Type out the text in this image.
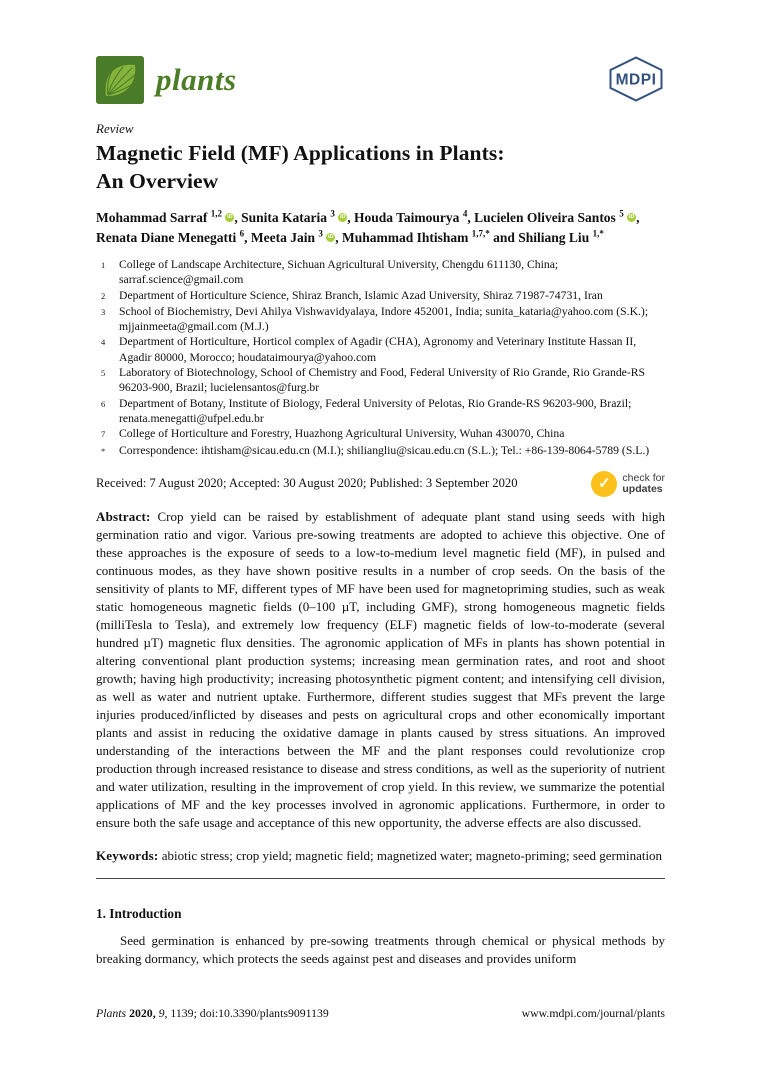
plants	MDPI
Review
Magnetic Field (MF) Applications in Plants:
An Overview
Mohammad Sarraf $^{1,2}$ iD , Sunita Kataria $^3$ iD , Houda Taimourya $^4$, Lucielen Oliveira Santos $^5$ iD , Renata Diane Menegatti $^6$, Meeta Jain $^3$ iD , Muhammad Ihtisham $^{1,7,*}$ and Shiliang Liu $^{1,*}$
1	College of Landscape Architecture, Sichuan Agricultural University, Chengdu 611130, China; sarraf.science@gmail.com
2	Department of Horticulture Science, Shiraz Branch, Islamic Azad University, Shiraz 71987-74731, Iran
3	School of Biochemistry, Devi Ahilya Vishwavidyalaya, Indore 452001, India; sunita_kataria@yahoo.com (S.K.); mjjainmeeta@gmail.com (M.J.)
4	Department of Horticulture, Horticol complex of Agadir (CHA), Agronomy and Veterinary Institute Hassan II, Agadir 80000, Morocco; houdataimourya@yahoo.com
5	Laboratory of Biotechnology, School of Chemistry and Food, Federal University of Rio Grande, Rio Grande-RS 96203-900, Brazil; lucielensantos@furg.br
6	Department of Botany, Institute of Biology, Federal University of Pelotas, Rio Grande-RS 96203-900, Brazil; renata.menegatti@ufpel.edu.br
7	College of Horticulture and Forestry, Huazhong Agricultural University, Wuhan 430070, China
*	Correspondence: ihtisham@sicau.edu.cn (M.I.); shiliangliu@sicau.edu.cn (S.L.); Tel.: +86-139-8064-5789 (S.L.)
Received: 7 August 2020; Accepted: 30 August 2020; Published: 3 September 2020	✓	check for
updates

Abstract: Crop yield can be raised by establishment of adequate plant stand using seeds with high germination ratio and vigor. Various pre-sowing treatments are adopted to achieve this objective. One of these approaches is the exposure of seeds to a low-to-medium level magnetic field (MF), in pulsed and continuous modes, as they have shown positive results in a number of crop seeds. On the basis of the sensitivity of plants to MF, different types of MF have been used for magnetopriming studies, such as weak static homogeneous magnetic fields (0–100 µT, including GMF), strong homogeneous magnetic fields (milliTesla to Tesla), and extremely low frequency (ELF) magnetic fields of low-to-moderate (several hundred µT) magnetic flux densities. The agronomic application of MFs in plants has shown potential in altering conventional plant production systems; increasing mean germination rates, and root and shoot growth; having high productivity; increasing photosynthetic pigment content; and intensifying cell division, as well as water and nutrient uptake. Furthermore, different studies suggest that MFs prevent the large injuries produced/inflicted by diseases and pests on agricultural crops and other economically important plants and assist in reducing the oxidative damage in plants caused by stress situations. An improved understanding of the interactions between the MF and the plant responses could revolutionize crop production through increased resistance to disease and stress conditions, as well as the superiority of nutrient and water utilization, resulting in the improvement of crop yield. In this review, we summarize the potential applications of MF and the key processes involved in agronomic applications. Furthermore, in order to ensure both the safe usage and acceptance of this new opportunity, the adverse effects are also discussed.

Keywords: abiotic stress; crop yield; magnetic field; magnetized water; magneto-priming; seed germination

1. Introduction

Seed germination is enhanced by pre-sowing treatments through chemical or physical methods by breaking dormancy, which protects the seeds against pest and diseases and provides uniform

Plants 2020, 9, 1139; doi:10.3390/plants9091139	www.mdpi.com/journal/plants
